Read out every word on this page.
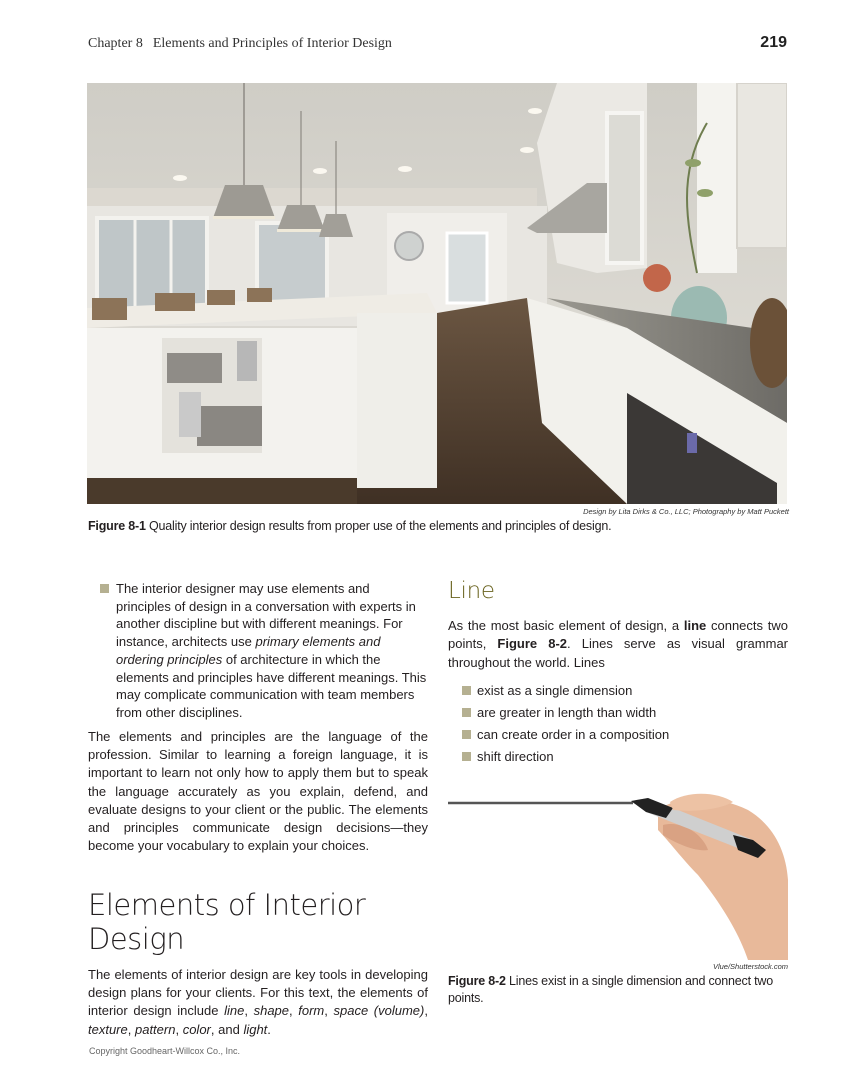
Chapter 8 Elements and Principles of Interior Design	219
Design by Lita Dirks & Co., LLC; Photography by Matt Puckett
Figure 8-1 Quality interior design results from proper use of the elements and principles of design.
The interior designer may use elements and principles of design in a conversation with experts in another discipline but with different meanings. For instance, architects use primary elements and ordering principles of architecture in which the elements and principles have different meanings. This may complicate communication with team members from other disciplines.

The elements and principles are the language of the profession. Similar to learning a foreign language, it is important to learn not only how to apply them but to speak the language accurately as you explain, defend, and evaluate designs to your client or the public. The elements and principles communicate design decisions—they become your vocabulary to explain your choices.

Elements of Interior Design

The elements of interior design are key tools in developing design plans for your clients. For this text, the elements of interior design include line, shape, form, space (volume), texture, pattern, color, and light.

Line

As the most basic element of design, a line connects two points, Figure 8-2. Lines serve as visual grammar throughout the world. Lines

exist as a single dimension
are greater in length than width
can create order in a composition
shift direction
Vlue/Shutterstock.com
Figure 8-2 Lines exist in a single dimension and connect two points.
Copyright Goodheart-Willcox Co., Inc.
